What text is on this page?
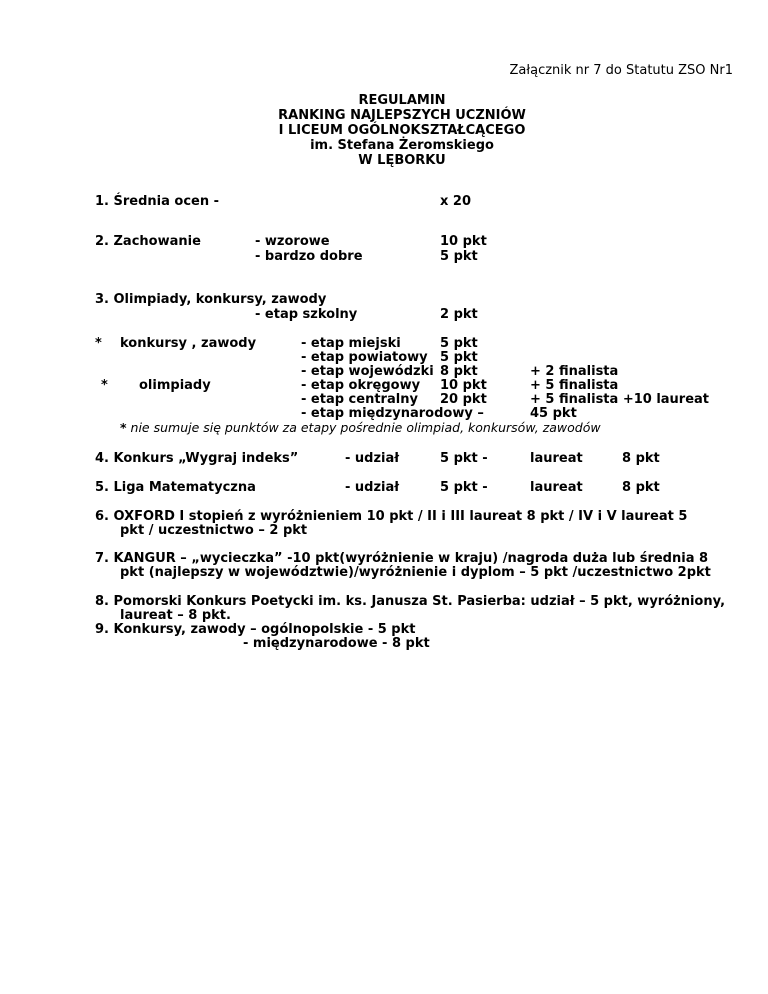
Załącznik nr 7 do Statutu ZSO Nr1
REGULAMIN
RANKING NAJLEPSZYCH UCZNIÓW
I LICEUM OGÓLNOKSZTAŁCĄCEGO
im. Stefana Żeromskiego
W LĘBORKU
1. Średnia ocen -	x 20
2. Zachowanie	- wzorowe	10 pkt
- bardzo dobre	5 pkt
3. Olimpiady, konkursy, zawody
- etap szkolny	2 pkt
* konkursy , zawody	- etap miejski	5 pkt
- etap powiatowy 5 pkt
- etap wojewódzki 8 pkt	+ 2 finalista
* olimpiady	- etap okręgowy 10 pkt	+ 5 finalista
- etap centralny 20 pkt	+ 5 finalista +10 laureat
- etap międzynarodowy –	45 pkt
* nie sumuje się punktów za etapy pośrednie olimpiad, konkursów, zawodów
4. Konkurs „Wygraj indeks”	- udział	5 pkt -	laureat	8 pkt
5. Liga Matematyczna	- udział	5 pkt -	laureat	8 pkt
6. OXFORD I stopień z wyróżnieniem 10 pkt / II i III laureat 8 pkt / IV i V laureat 5
pkt / uczestnictwo – 2 pkt
7. KANGUR – „wycieczka” -10 pkt(wyróżnienie w kraju) /nagroda duża lub średnia 8
pkt (najlepszy w województwie)/wyróżnienie i dyplom – 5 pkt /uczestnictwo 2pkt
8. Pomorski Konkurs Poetycki im. ks. Janusza St. Pasierba: udział – 5 pkt, wyróżniony,
laureat – 8 pkt.
9. Konkursy, zawody – ogólnopolskie - 5 pkt
- międzynarodowe - 8 pkt
